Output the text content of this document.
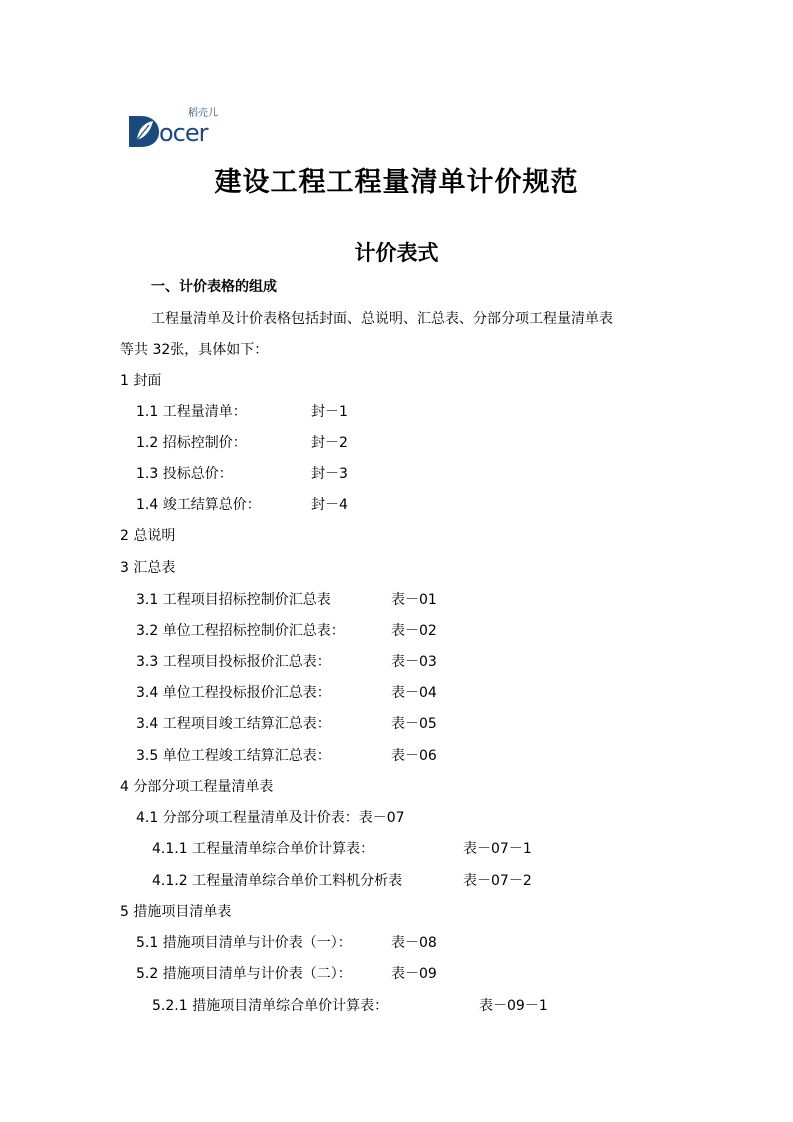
ocer
稻壳儿
建设工程工程量清单计价规范
计价表式
一、计价表格的组成
工程量清单及计价表格包括封面、总说明、汇总表、分部分项工程量清单表
等共 32张，具体如下：
1 封面
1.1 工程量清单：	封－1
1.2 招标控制价：	封－2
1.3 投标总价：	封－3
1.4 竣工结算总价：	封－4
2 总说明
3 汇总表
3.1 工程项目招标控制价汇总表	表－01
3.2 单位工程招标控制价汇总表：	表－02
3.3 工程项目投标报价汇总表：	表－03
3.4 单位工程投标报价汇总表：	表－04
3.4 工程项目竣工结算汇总表：	表－05
3.5 单位工程竣工结算汇总表：	表－06
4 分部分项工程量清单表
4.1 分部分项工程量清单及计价表：表－07
4.1.1 工程量清单综合单价计算表：	表－07－1
4.1.2 工程量清单综合单价工料机分析表	表－07－2
5 措施项目清单表
5.1 措施项目清单与计价表（一）：	表－08
5.2 措施项目清单与计价表（二）：	表－09
5.2.1 措施项目清单综合单价计算表：	表－09－1
